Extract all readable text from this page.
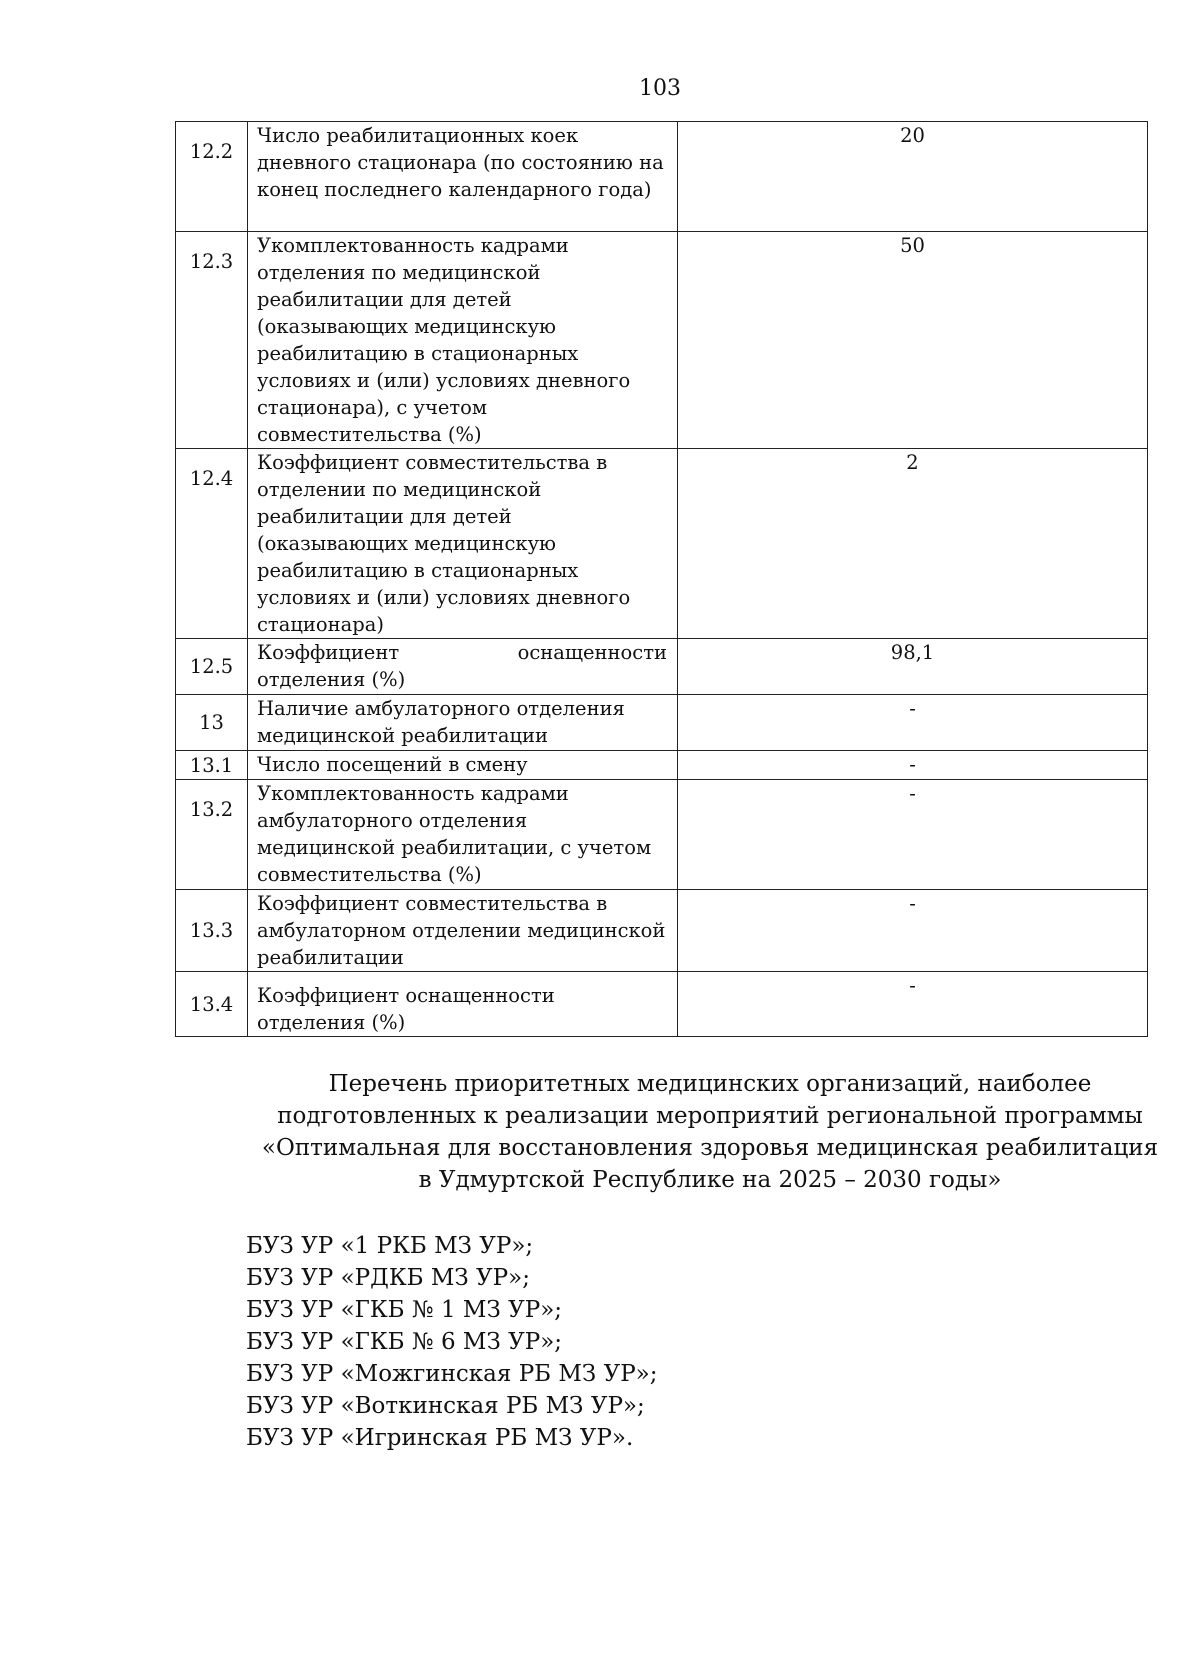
103
12.2	Число реабилитационных коек дневного стационара (по состоянию на конец последнего календарного года)	20
12.3	Укомплектованность кадрами отделения по медицинской реабилитации для детей (оказывающих медицинскую реабилитацию в стационарных условиях и (или) условиях дневного стационара), с учетом совместительства (%)	50
12.4	Коэффициент совместительства в отделении по медицинской реабилитации для детей (оказывающих медицинскую реабилитацию в стационарных условиях и (или) условиях дневного стационара)	2
12.5	Коэффициент оснащенности отделения (%)	98,1
13	Наличие амбулаторного отделения медицинской реабилитации	-
13.1	Число посещений в смену	-
13.2	Укомплектованность кадрами амбулаторного отделения медицинской реабилитации, с учетом совместительства (%)	-
13.3	Коэффициент совместительства в амбулаторном отделении медицинской реабилитации	-
13.4	Коэффициент оснащенности отделения (%)	-
Перечень приоритетных медицинских организаций, наиболее
подготовленных к реализации мероприятий региональной программы
«Оптимальная для восстановления здоровья медицинская реабилитация
в Удмуртской Республике на 2025 – 2030 годы»
БУЗ УР «1 РКБ МЗ УР»;
БУЗ УР «РДКБ МЗ УР»;
БУЗ УР «ГКБ № 1 МЗ УР»;
БУЗ УР «ГКБ № 6 МЗ УР»;
БУЗ УР «Можгинская РБ МЗ УР»;
БУЗ УР «Воткинская РБ МЗ УР»;
БУЗ УР «Игринская РБ МЗ УР».
